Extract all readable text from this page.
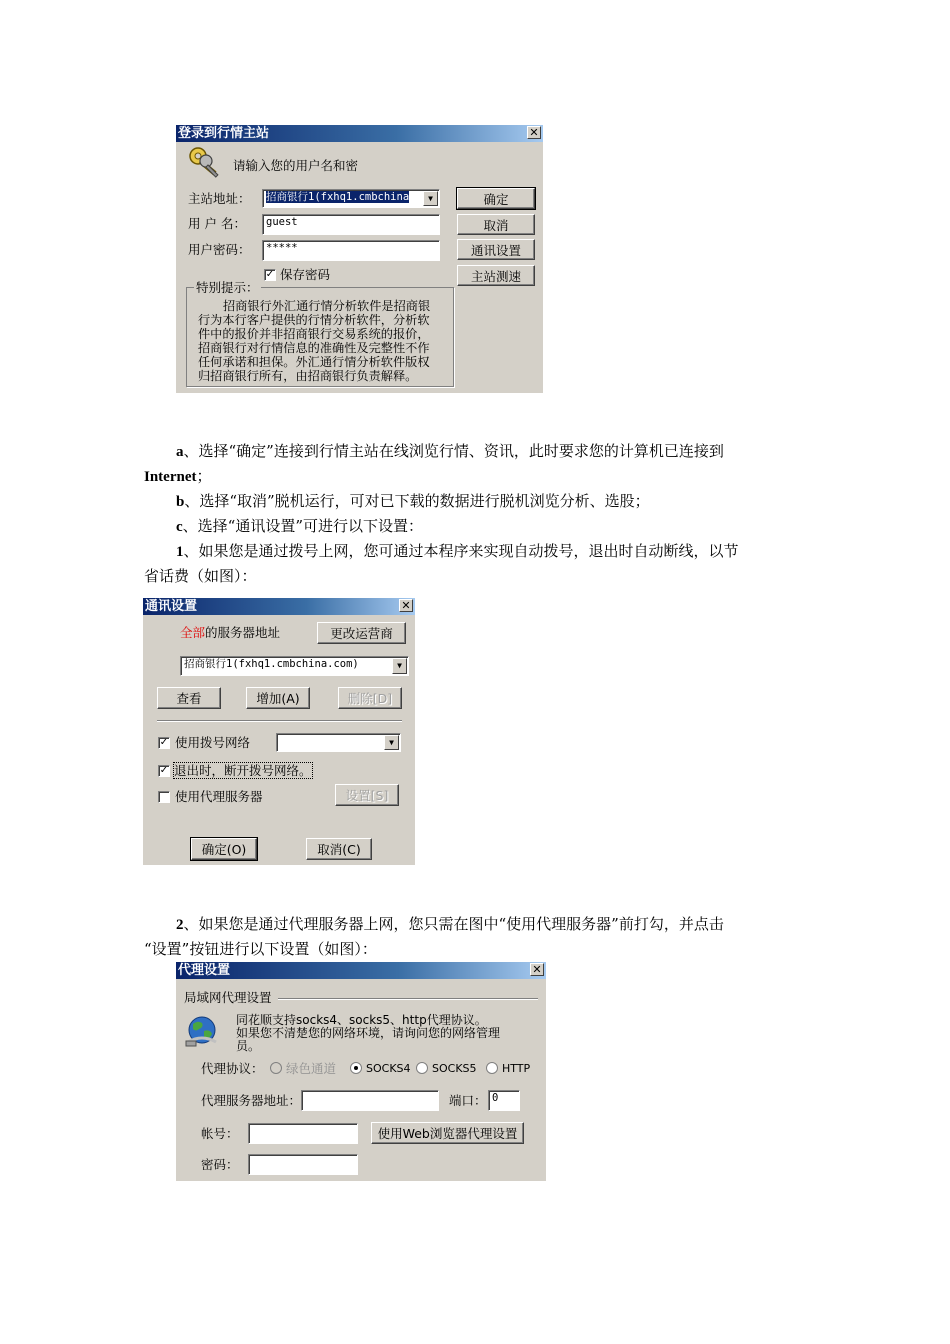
登录到行情主站	✕
请输入您的用户名和密
主站地址：	招商银行1(fxhq1.cmbchina	▼
用 户 名：	guest
用户密码：	*****
✓ 保存密码
特别提示：
招商银行外汇通行情分析软件是招商银
行为本行客户提供的行情分析软件，分析软
件中的报价并非招商银行交易系统的报价，
招商银行对行情信息的准确性及完整性不作
任何承诺和担保。外汇通行情分析软件版权
归招商银行所有，由招商银行负责解释。
确定
取消
通讯设置
主站测速
a、选择“确定”连接到行情主站在线浏览行情、资讯，此时要求您的计算机已连接到
Internet；
b、选择“取消”脱机运行，可对已下载的数据进行脱机浏览分析、选股；
c、选择“通讯设置”可进行以下设置：
1、如果您是通过拨号上网，您可通过本程序来实现自动拨号，退出时自动断线，以节
省话费（如图）：
通讯设置	✕
全部的服务器地址	更改运营商
招商银行1(fxhq1.cmbchina.com)	▼
查看	增加(A)	删除[D]
✓ 使用拨号网络	▼
✓ 退出时，断开拨号网络。
使用代理服务器	设置[S]
确定(O)	取消(C)
2、如果您是通过代理服务器上网，您只需在图中“使用代理服务器”前打勾，并点击
“设置”按钮进行以下设置（如图）：
代理设置	✕
局域网代理设置
同花顺支持socks4、socks5、http代理协议。
如果您不清楚您的网络环境，请询问您的网络管理
员。
代理协议： 绿色通道	SOCKS4 SOCKS5 HTTP
代理服务器地址：	端口： 0
帐号：	使用Web浏览器代理设置
密码：
